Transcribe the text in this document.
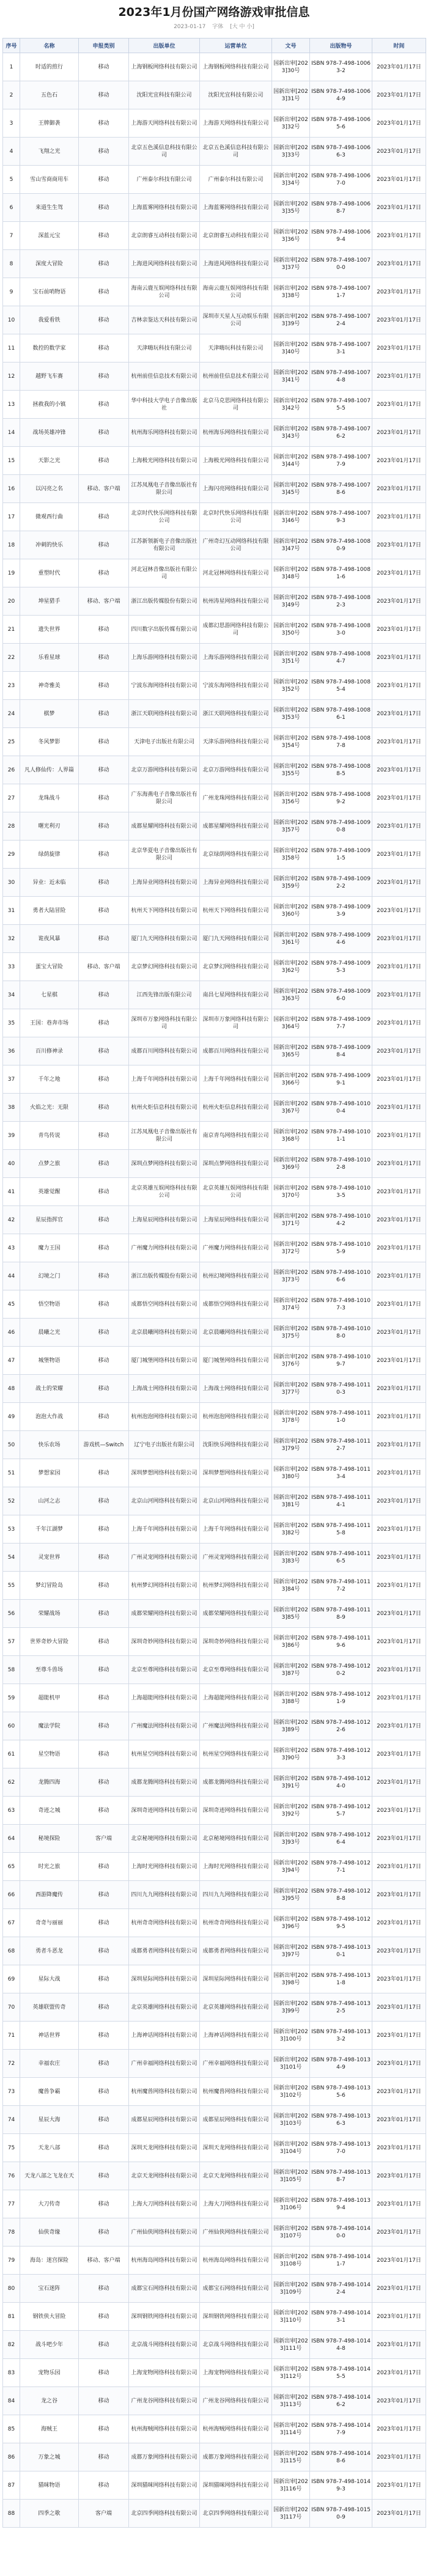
2023年1月份国产网络游戏审批信息
2023-01-17 字体 [大 中 小]
序号	名称	申报类别	出版单位	运营单位	文号	出版物号	时间
1	时适的煎行	移动	上海钢板网络科技有限公司	上海钢板网络科技有限公司	国新出审[2023]30号	ISBN 978-7-498-10063-2	2023年01月17日
2	五色石	移动	沈阳光宜科技有限公司	沈阳光宜科技有限公司	国新出审[2023]31号	ISBN 978-7-498-10064-9	2023年01月17日
3	王牌御袭	移动	上海游天网络科技有限公司	上海游天网络科技有限公司	国新出审[2023]32号	ISBN 978-7-498-10065-6	2023年01月17日
4	飞翔之光	移动	北京五色溪信息科技有限公司	北京五色溪信息科技有限公司	国新出审[2023]33号	ISBN 978-7-498-10066-3	2023年01月17日
5	雪山雪商商用车	移动	广州泰尔科技有限公司	广州泰尔科技有限公司	国新出审[2023]34号	ISBN 978-7-498-10067-0	2023年01月17日
6	来道生生驾	移动	上海蓝雾网络科技有限公司	上海蓝雾网络科技有限公司	国新出审[2023]35号	ISBN 978-7-498-10068-7	2023年01月17日
7	深蓝元宝	移动	北京朗睿互动科技有限公司	北京朗睿互动科技有限公司	国新出审[2023]36号	ISBN 978-7-498-10069-4	2023年01月17日
8	深度大冒险	移动	上海进风网络科技有限公司	上海进风网络科技有限公司	国新出审[2023]37号	ISBN 978-7-498-10070-0	2023年01月17日
9	宝石前哨物语	移动	海南云鹿互娱网络科技有限公司	海南云鹿互娱网络科技有限公司	国新出审[2023]38号	ISBN 978-7-498-10071-7	2023年01月17日
10	我爱看铁	移动	吉林亲鉴达天科技有限公司	深圳市天星人互动娱乐有限公司	国新出审[2023]39号	ISBN 978-7-498-10072-4	2023年01月17日
11	数控的数学家	移动	天津嗨玩科技有限公司	天津嗨玩科技有限公司	国新出审[2023]40号	ISBN 978-7-498-10073-1	2023年01月17日
12	越野飞车赛	移动	杭州前佳信息技术有限公司	杭州前佳信息技术有限公司	国新出审[2023]41号	ISBN 978-7-498-10074-8	2023年01月17日
13	拯救我的小镇	移动	华中科技大学电子音像出版社	北京马克思网络科技有限公司	国新出审[2023]42号	ISBN 978-7-498-10075-5	2023年01月17日
14	战场英雄冲锋	移动	杭州海乐网络科技有限公司	杭州海乐网络科技有限公司	国新出审[2023]43号	ISBN 978-7-498-10076-2	2023年01月17日
15	天影之光	移动	上海极光网络科技有限公司	上海极光网络科技有限公司	国新出审[2023]44号	ISBN 978-7-498-10077-9	2023年01月17日
16	以闪亮之名	移动、客户端	江苏凤凰电子音像出版社有限公司	上海闪亮网络科技有限公司	国新出审[2023]45号	ISBN 978-7-498-10078-6	2023年01月17日
17	微观西行曲	移动	北京时代快乐网络科技有限公司	北京时代快乐网络科技有限公司	国新出审[2023]46号	ISBN 978-7-498-10079-3	2023年01月17日
18	冲刺的快乐	移动	江苏新领新电子音像出版社有限公司	广州奇幻互动网络科技有限公司	国新出审[2023]47号	ISBN 978-7-498-10080-9	2023年01月17日
19	重塑时代	移动	河北冠林音像出版社有限公司	河北冠林网络科技有限公司	国新出审[2023]48号	ISBN 978-7-498-10081-6	2023年01月17日
20	坤星猎手	移动、客户端	浙江出版传媒股份有限公司	杭州涛星网络科技有限公司	国新出审[2023]49号	ISBN 978-7-498-10082-3	2023年01月17日
21	遗失世界	移动	四川数字出版传媒有限公司	成都幻思游网络科技有限公司	国新出审[2023]50号	ISBN 978-7-498-10083-0	2023年01月17日
22	乐看星球	移动	上海乐游网络科技有限公司	上海乐游网络科技有限公司	国新出审[2023]51号	ISBN 978-7-498-10084-7	2023年01月17日
23	神奇雅美	移动	宁波东海网络科技有限公司	宁波东海网络科技有限公司	国新出审[2023]52号	ISBN 978-7-498-10085-4	2023年01月17日
24	棋梦	移动	浙江天联网络科技有限公司	浙江天联网络科技有限公司	国新出审[2023]53号	ISBN 978-7-498-10086-1	2023年01月17日
25	冬风梦影	移动	天津电子出版社有限公司	天津乐游网络科技有限公司	国新出审[2023]54号	ISBN 978-7-498-10087-8	2023年01月17日
26	凡人修仙传：人界篇	移动	北京万游网络科技有限公司	北京万游网络科技有限公司	国新出审[2023]55号	ISBN 978-7-498-10088-5	2023年01月17日
27	龙珠战斗	移动	广东海燕电子音像出版社有限公司	广州龙珠网络科技有限公司	国新出审[2023]56号	ISBN 978-7-498-10089-2	2023年01月17日
28	曙光利刃	移动	成都星耀网络科技有限公司	成都星耀网络科技有限公司	国新出审[2023]57号	ISBN 978-7-498-10090-8	2023年01月17日
29	绿荫旋律	移动	北京华夏电子音像出版社有限公司	北京绿荫网络科技有限公司	国新出审[2023]58号	ISBN 978-7-498-10091-5	2023年01月17日
30	异业：近未临	移动	上海异业网络科技有限公司	上海异业网络科技有限公司	国新出审[2023]59号	ISBN 978-7-498-10092-2	2023年01月17日
31	勇者大陆冒险	移动	杭州天下网络科技有限公司	杭州天下网络科技有限公司	国新出审[2023]60号	ISBN 978-7-498-10093-9	2023年01月17日
32	诡夜风暴	移动	厦门九天网络科技有限公司	厦门九天网络科技有限公司	国新出审[2023]61号	ISBN 978-7-498-10094-6	2023年01月17日
33	蛋宝大冒险	移动、客户端	北京梦幻网络科技有限公司	北京梦幻网络科技有限公司	国新出审[2023]62号	ISBN 978-7-498-10095-3	2023年01月17日
34	七星棋	移动	江西先锋出版有限公司	南昌七星网络科技有限公司	国新出审[2023]63号	ISBN 978-7-498-10096-0	2023年01月17日
35	王国：巷奔市场	移动	深圳市万象网络科技有限公司	深圳市万象网络科技有限公司	国新出审[2023]64号	ISBN 978-7-498-10097-7	2023年01月17日
36	百川修神录	移动	成都百川网络科技有限公司	成都百川网络科技有限公司	国新出审[2023]65号	ISBN 978-7-498-10098-4	2023年01月17日
37	千年之地	移动	上海千年网络科技有限公司	上海千年网络科技有限公司	国新出审[2023]66号	ISBN 978-7-498-10099-1	2023年01月17日
38	火焰之光：无限	移动	杭州火炬信息科技有限公司	杭州火炬信息科技有限公司	国新出审[2023]67号	ISBN 978-7-498-10100-4	2023年01月17日
39	青鸟传说	移动	江苏凤凰电子音像出版社有限公司	南京青鸟网络科技有限公司	国新出审[2023]68号	ISBN 978-7-498-10101-1	2023年01月17日
40	点梦之旅	移动	深圳点梦网络科技有限公司	深圳点梦网络科技有限公司	国新出审[2023]69号	ISBN 978-7-498-10102-8	2023年01月17日
41	英雄觉醒	移动	北京英雄互娱网络科技有限公司	北京英雄互娱网络科技有限公司	国新出审[2023]70号	ISBN 978-7-498-10103-5	2023年01月17日
42	星辰指挥官	移动	上海星辰网络科技有限公司	上海星辰网络科技有限公司	国新出审[2023]71号	ISBN 978-7-498-10104-2	2023年01月17日
43	魔力王国	移动	广州魔力网络科技有限公司	广州魔力网络科技有限公司	国新出审[2023]72号	ISBN 978-7-498-10105-9	2023年01月17日
44	幻境之门	移动	浙江出版传媒股份有限公司	杭州幻境网络科技有限公司	国新出审[2023]73号	ISBN 978-7-498-10106-6	2023年01月17日
45	悟空物语	移动	成都悟空网络科技有限公司	成都悟空网络科技有限公司	国新出审[2023]74号	ISBN 978-7-498-10107-3	2023年01月17日
46	晨曦之光	移动	北京晨曦网络科技有限公司	北京晨曦网络科技有限公司	国新出审[2023]75号	ISBN 978-7-498-10108-0	2023年01月17日
47	城堡物语	移动	厦门城堡网络科技有限公司	厦门城堡网络科技有限公司	国新出审[2023]76号	ISBN 978-7-498-10109-7	2023年01月17日
48	战士的荣耀	移动	上海战士网络科技有限公司	上海战士网络科技有限公司	国新出审[2023]77号	ISBN 978-7-498-10110-3	2023年01月17日
49	泡泡大作战	移动	杭州泡泡网络科技有限公司	杭州泡泡网络科技有限公司	国新出审[2023]78号	ISBN 978-7-498-10111-0	2023年01月17日
50	快乐农场	游戏机—Switch	辽宁电子出版社有限公司	沈阳快乐网络科技有限公司	国新出审[2023]79号	ISBN 978-7-498-10112-7	2023年01月17日
51	梦想家园	移动	深圳梦想网络科技有限公司	深圳梦想网络科技有限公司	国新出审[2023]80号	ISBN 978-7-498-10113-4	2023年01月17日
52	山河之志	移动	北京山河网络科技有限公司	北京山河网络科技有限公司	国新出审[2023]81号	ISBN 978-7-498-10114-1	2023年01月17日
53	千年江湖梦	移动	上海千年网络科技有限公司	上海千年网络科技有限公司	国新出审[2023]82号	ISBN 978-7-498-10115-8	2023年01月17日
54	灵宠世界	移动	广州灵宠网络科技有限公司	广州灵宠网络科技有限公司	国新出审[2023]83号	ISBN 978-7-498-10116-5	2023年01月17日
55	梦幻冒险岛	移动	杭州梦幻网络科技有限公司	杭州梦幻网络科技有限公司	国新出审[2023]84号	ISBN 978-7-498-10117-2	2023年01月17日
56	荣耀战场	移动	成都荣耀网络科技有限公司	成都荣耀网络科技有限公司	国新出审[2023]85号	ISBN 978-7-498-10118-9	2023年01月17日
57	世界奇妙大冒险	移动	深圳奇妙网络科技有限公司	深圳奇妙网络科技有限公司	国新出审[2023]86号	ISBN 978-7-498-10119-6	2023年01月17日
58	至尊斗兽场	移动	北京至尊网络科技有限公司	北京至尊网络科技有限公司	国新出审[2023]87号	ISBN 978-7-498-10120-2	2023年01月17日
59	超能机甲	移动	上海超能网络科技有限公司	上海超能网络科技有限公司	国新出审[2023]88号	ISBN 978-7-498-10121-9	2023年01月17日
60	魔法学院	移动	广州魔法网络科技有限公司	广州魔法网络科技有限公司	国新出审[2023]89号	ISBN 978-7-498-10122-6	2023年01月17日
61	星空物语	移动	杭州星空网络科技有限公司	杭州星空网络科技有限公司	国新出审[2023]90号	ISBN 978-7-498-10123-3	2023年01月17日
62	龙腾四海	移动	成都龙腾网络科技有限公司	成都龙腾网络科技有限公司	国新出审[2023]91号	ISBN 978-7-498-10124-0	2023年01月17日
63	奇迹之城	移动	深圳奇迹网络科技有限公司	深圳奇迹网络科技有限公司	国新出审[2023]92号	ISBN 978-7-498-10125-7	2023年01月17日
64	秘境探险	客户端	北京秘境网络科技有限公司	北京秘境网络科技有限公司	国新出审[2023]93号	ISBN 978-7-498-10126-4	2023年01月17日
65	时光之旅	移动	上海时光网络科技有限公司	上海时光网络科技有限公司	国新出审[2023]94号	ISBN 978-7-498-10127-1	2023年01月17日
66	西游降魔传	移动	四川九九网络科技有限公司	四川九九网络科技有限公司	国新出审[2023]95号	ISBN 978-7-498-10128-8	2023年01月17日
67	奇奇与丽丽	移动	杭州奇奇网络科技有限公司	杭州奇奇网络科技有限公司	国新出审[2023]96号	ISBN 978-7-498-10129-5	2023年01月17日
68	勇者斗恶龙	移动	成都勇者网络科技有限公司	成都勇者网络科技有限公司	国新出审[2023]97号	ISBN 978-7-498-10130-1	2023年01月17日
69	星际大战	移动	深圳星际网络科技有限公司	深圳星际网络科技有限公司	国新出审[2023]98号	ISBN 978-7-498-10131-8	2023年01月17日
70	英雄联盟传奇	移动	北京英雄网络科技有限公司	北京英雄网络科技有限公司	国新出审[2023]99号	ISBN 978-7-498-10132-5	2023年01月17日
71	神话世界	移动	上海神话网络科技有限公司	上海神话网络科技有限公司	国新出审[2023]100号	ISBN 978-7-498-10133-2	2023年01月17日
72	幸福农庄	移动	广州幸福网络科技有限公司	广州幸福网络科技有限公司	国新出审[2023]101号	ISBN 978-7-498-10134-9	2023年01月17日
73	魔兽争霸	移动	杭州魔兽网络科技有限公司	杭州魔兽网络科技有限公司	国新出审[2023]102号	ISBN 978-7-498-10135-6	2023年01月17日
74	星辰大海	移动	成都星辰网络科技有限公司	成都星辰网络科技有限公司	国新出审[2023]103号	ISBN 978-7-498-10136-3	2023年01月17日
75	天龙八部	移动	深圳天龙网络科技有限公司	深圳天龙网络科技有限公司	国新出审[2023]104号	ISBN 978-7-498-10137-0	2023年01月17日
76	天龙八部之飞龙在天	移动	北京天龙网络科技有限公司	北京天龙网络科技有限公司	国新出审[2023]105号	ISBN 978-7-498-10138-7	2023年01月17日
77	大刀传奇	移动	上海大刀网络科技有限公司	上海大刀网络科技有限公司	国新出审[2023]106号	ISBN 978-7-498-10139-4	2023年01月17日
78	仙侠奇缘	移动	广州仙侠网络科技有限公司	广州仙侠网络科技有限公司	国新出审[2023]107号	ISBN 978-7-498-10140-0	2023年01月17日
79	海岛：迷宫探险	移动、客户端	杭州海岛网络科技有限公司	杭州海岛网络科技有限公司	国新出审[2023]108号	ISBN 978-7-498-10141-7	2023年01月17日
80	宝石迷阵	移动	成都宝石网络科技有限公司	成都宝石网络科技有限公司	国新出审[2023]109号	ISBN 978-7-498-10142-4	2023年01月17日
81	钢铁侠大冒险	移动	深圳钢铁网络科技有限公司	深圳钢铁网络科技有限公司	国新出审[2023]110号	ISBN 978-7-498-10143-1	2023年01月17日
82	战斗吧少年	移动	北京战斗网络科技有限公司	北京战斗网络科技有限公司	国新出审[2023]111号	ISBN 978-7-498-10144-8	2023年01月17日
83	宠物乐园	移动	上海宠物网络科技有限公司	上海宠物网络科技有限公司	国新出审[2023]112号	ISBN 978-7-498-10145-5	2023年01月17日
84	龙之谷	移动	广州龙谷网络科技有限公司	广州龙谷网络科技有限公司	国新出审[2023]113号	ISBN 978-7-498-10146-2	2023年01月17日
85	海贼王	移动	杭州海贼网络科技有限公司	杭州海贼网络科技有限公司	国新出审[2023]114号	ISBN 978-7-498-10147-9	2023年01月17日
86	万象之城	移动	成都万象网络科技有限公司	成都万象网络科技有限公司	国新出审[2023]115号	ISBN 978-7-498-10148-6	2023年01月17日
87	猫咪物语	移动	深圳猫咪网络科技有限公司	深圳猫咪网络科技有限公司	国新出审[2023]116号	ISBN 978-7-498-10149-3	2023年01月17日
88	四季之歌	客户端	北京四季网络科技有限公司	北京四季网络科技有限公司	国新出审[2023]117号	ISBN 978-7-498-10150-9	2023年01月17日
